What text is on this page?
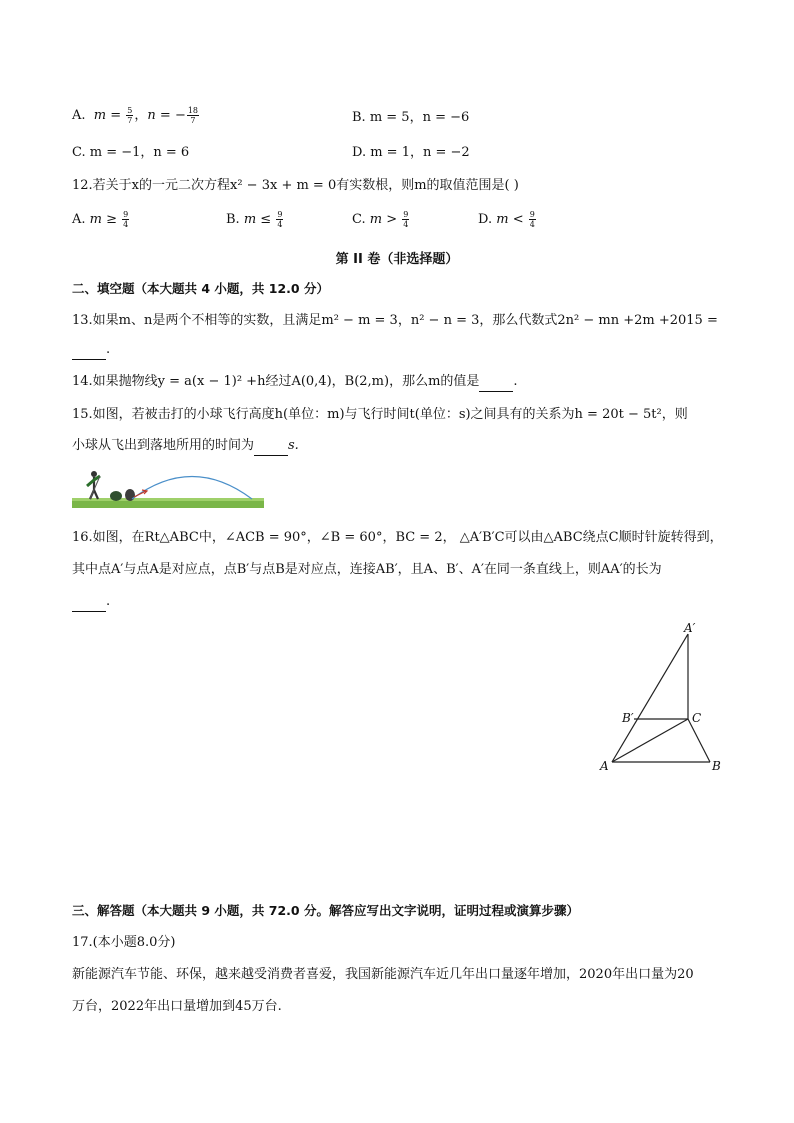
A. $m = \frac{5}{7}$ ，n = − $\frac{18}{7}$	B. m = 5，n = −6
C. m = −1，n = 6	D. m = 1，n = −2
12.若关于x的一元二次方程x² − 3x + m = 0有实数根，则m的取值范围是( )
A. $m \ge \frac{9}{4}$	B. $m \le \frac{9}{4}$	C. $m > \frac{9}{4}$	D. $m < \frac{9}{4}$
第 II 卷（非选择题）
二、填空题（本大题共 4 小题，共 12.0 分）
13.如果m、n是两个不相等的实数，且满足m² − m = 3，n² − n = 3，那么代数式2n² − mn +2m +2015 =
.
14.如果抛物线y = a(x − 1)² +h经过A(0,4)，B(2,m)，那么m的值是	.
15.如图，若被击打的小球飞行高度h(单位：m)与飞行时间t(单位：s)之间具有的关系为h = 20t − 5t²，则
小球从飞出到落地所用的时间为	s.
16.如图，在Rt△ABC中，∠ACB = 90°，∠B = 60°，BC = 2， △A′B′C可以由△ABC绕点C顺时针旋转得到，
其中点A′与点A是对应点，点B′与点B是对应点，连接AB′，且A、B′、A′在同一条直线上，则AA′的长为
.
A′
B′	C
A	B
三、解答题（本大题共 9 小题，共 72.0 分。解答应写出文字说明，证明过程或演算步骤）
17.(本小题8.0分)
新能源汽车节能、环保，越来越受消费者喜爱，我国新能源汽车近几年出口量逐年增加，2020年出口量为20
万台，2022年出口量增加到45万台.
